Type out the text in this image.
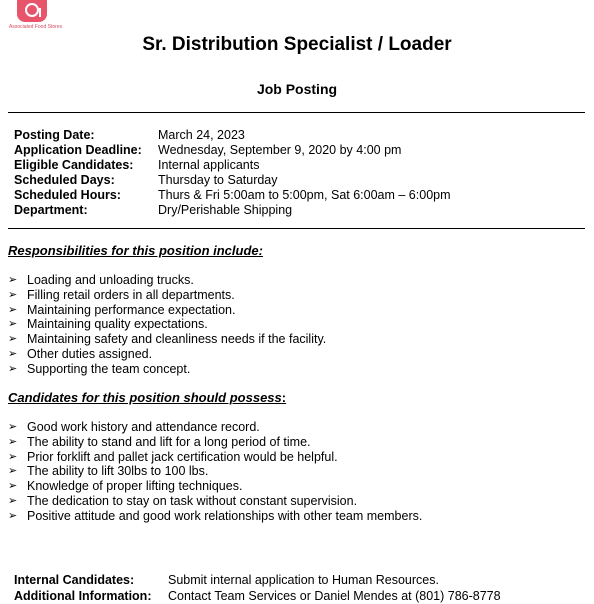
Associated Food Stores
Sr. Distribution Specialist / Loader
Job Posting
Posting Date:	March 24, 2023
Application Deadline: Wednesday, September 9, 2020 by 4:00 pm
Eligible Candidates: Internal applicants
Scheduled Days:	Thursday to Saturday
Scheduled Hours:	Thurs & Fri 5:00am to 5:00pm, Sat 6:00am – 6:00pm
Department:	Dry/Perishable Shipping
Responsibilities for this position include:
➢ Loading and unloading trucks.
➢ Filling retail orders in all departments.
➢ Maintaining performance expectation.
➢ Maintaining quality expectations.
➢ Maintaining safety and cleanliness needs if the facility.
➢ Other duties assigned.
➢ Supporting the team concept.
Candidates for this position should possess:
➢ Good work history and attendance record.
➢ The ability to stand and lift for a long period of time.
➢ Prior forklift and pallet jack certification would be helpful.
➢ The ability to lift 30lbs to 100 lbs.
➢ Knowledge of proper lifting techniques.
➢ The dedication to stay on task without constant supervision.
➢ Positive attitude and good work relationships with other team members.
Internal Candidates:	Submit internal application to Human Resources.
Additional Information: Contact Team Services or Daniel Mendes at (801) 786-8778
